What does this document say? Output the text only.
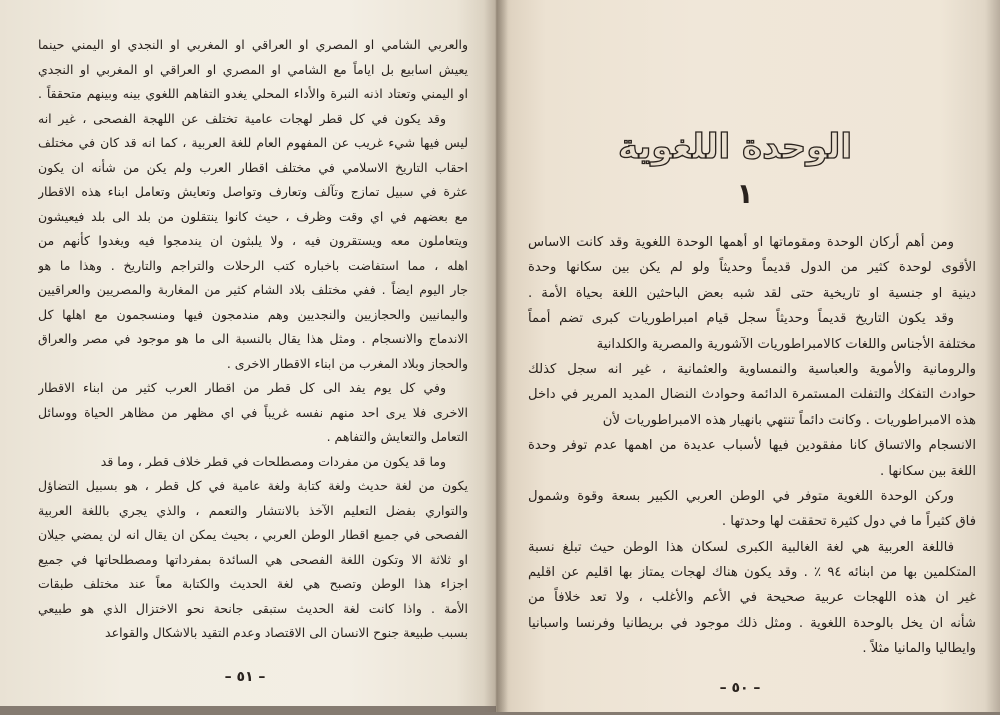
والعربي الشامي او المصري او العراقي او المغربي او النجدي او اليمني حينما
يعيش اسابيع بل اياماً مع الشامي او المصري او العراقي او المغربي او النجدي
او اليمني وتعتاد اذنه النبرة والأداء المحلي يغدو التفاهم اللغوي بينه وبينهم متحققاً .
وقد يكون في كل قطر لهجات عامية تختلف عن اللهجة الفصحى ، غير انه
ليس فيها شيء غريب عن المفهوم العام للغة العربية ، كما انه قد كان في مختلف
احقاب التاريخ الاسلامي في مختلف اقطار العرب ولم يكن من شأنه ان يكون
عثرة في سبيل تمازج وتآلف وتعارف وتواصل وتعايش وتعامل ابناء هذه الاقطار
مع بعضهم في اي وقت وظرف ، حيث كانوا ينتقلون من بلد الى بلد فيعيشون
ويتعاملون معه ويستقرون فيه ، ولا يلبثون ان يندمجوا فيه ويغدوا كأنهم من
اهله ، مما استفاضت باخباره كتب الرحلات والتراجم والتاريخ . وهذا ما هو
جار اليوم ايضاً . ففي مختلف بلاد الشام كثير من المغاربة والمصريين والعراقيين
واليمانيين والحجازيين والنجديين وهم مندمجون فيها ومنسجمون مع اهلها كل
الاندماج والانسجام . ومثل هذا يقال بالنسبة الى ما هو موجود في مصر والعراق
والحجاز وبلاد المغرب من ابناء الاقطار الاخرى .
وفي كل يوم يفد الى كل قطر من اقطار العرب كثير من ابناء الاقطار
الاخرى فلا يرى احد منهم نفسه غريباً في اي مظهر من مظاهر الحياة ووسائل
التعامل والتعايش والتفاهم .
وما قد يكون من مفردات ومصطلحات في قطر خلاف قطر ، وما قد
يكون من لغة حديث ولغة كتابة ولغة عامية في كل قطر ، هو بسبيل التضاؤل
والتواري بفضل التعليم الآخذ بالانتشار والتعمم ، والذي يجري باللغة العربية
الفصحى في جميع اقطار الوطن العربي ، بحيث يمكن ان يقال انه لن يمضي جيلان
او ثلاثة الا وتكون اللغة الفصحى هي السائدة بمفرداتها ومصطلحاتها في جميع
اجزاء هذا الوطن وتصبح هي لغة الحديث والكتابة معاً عند مختلف طبقات
الأمة . واذا كانت لغة الحديث ستبقى جانحة نحو الاختزال الذي هو طبيعي
بسبب طبيعة جنوح الانسان الى الاقتصاد وعدم التقيد بالاشكال والقواعد
– ٥١ –
الوحدة اللغوية
١
ومن أهم أركان الوحدة ومقوماتها او أهمها الوحدة اللغوية وقد كانت الاساس
الأقوى لوحدة كثير من الدول قديماً وحديثاً ولو لم يكن بين سكانها وحدة
دينية او جنسية او تاريخية حتى لقد شبه بعض الباحثين اللغة بحياة الأمة .
وقد يكون التاريخ قديماً وحديثاً سجل قيام امبراطوريات كبرى تضم أمماً
مختلفة الأجناس واللغات كالامبراطوريات الآشورية والمصرية والكلدانية
والرومانية والأموية والعباسية والنمساوية والعثمانية ، غير انه سجل كذلك
حوادث التفكك والتفلت المستمرة الدائمة وحوادث النضال المديد المرير في داخل
هذه الامبراطوريات . وكانت دائماً تنتهي بانهيار هذه الامبراطوريات لأن
الانسجام والاتساق كانا مفقودين فيها لأسباب عديدة من اهمها عدم توفر وحدة
اللغة بين سكانها .
وركن الوحدة اللغوية متوفر في الوطن العربي الكبير بسعة وقوة وشمول
فاق كثيراً ما في دول كثيرة تحققت لها وحدتها .
فاللغة العربية هي لغة الغالبية الكبرى لسكان هذا الوطن حيث تبلغ نسبة
المتكلمين بها من ابنائه ٩٤ ٪ . وقد يكون هناك لهجات يمتاز بها اقليم عن اقليم
غير ان هذه اللهجات عربية صحيحة في الأعم والأغلب ، ولا تعد خلافاً من
شأنه ان يخل بالوحدة اللغوية . ومثل ذلك موجود في بريطانيا وفرنسا واسبانيا
وايطاليا والمانيا مثلاً .
– ٥٠ –
